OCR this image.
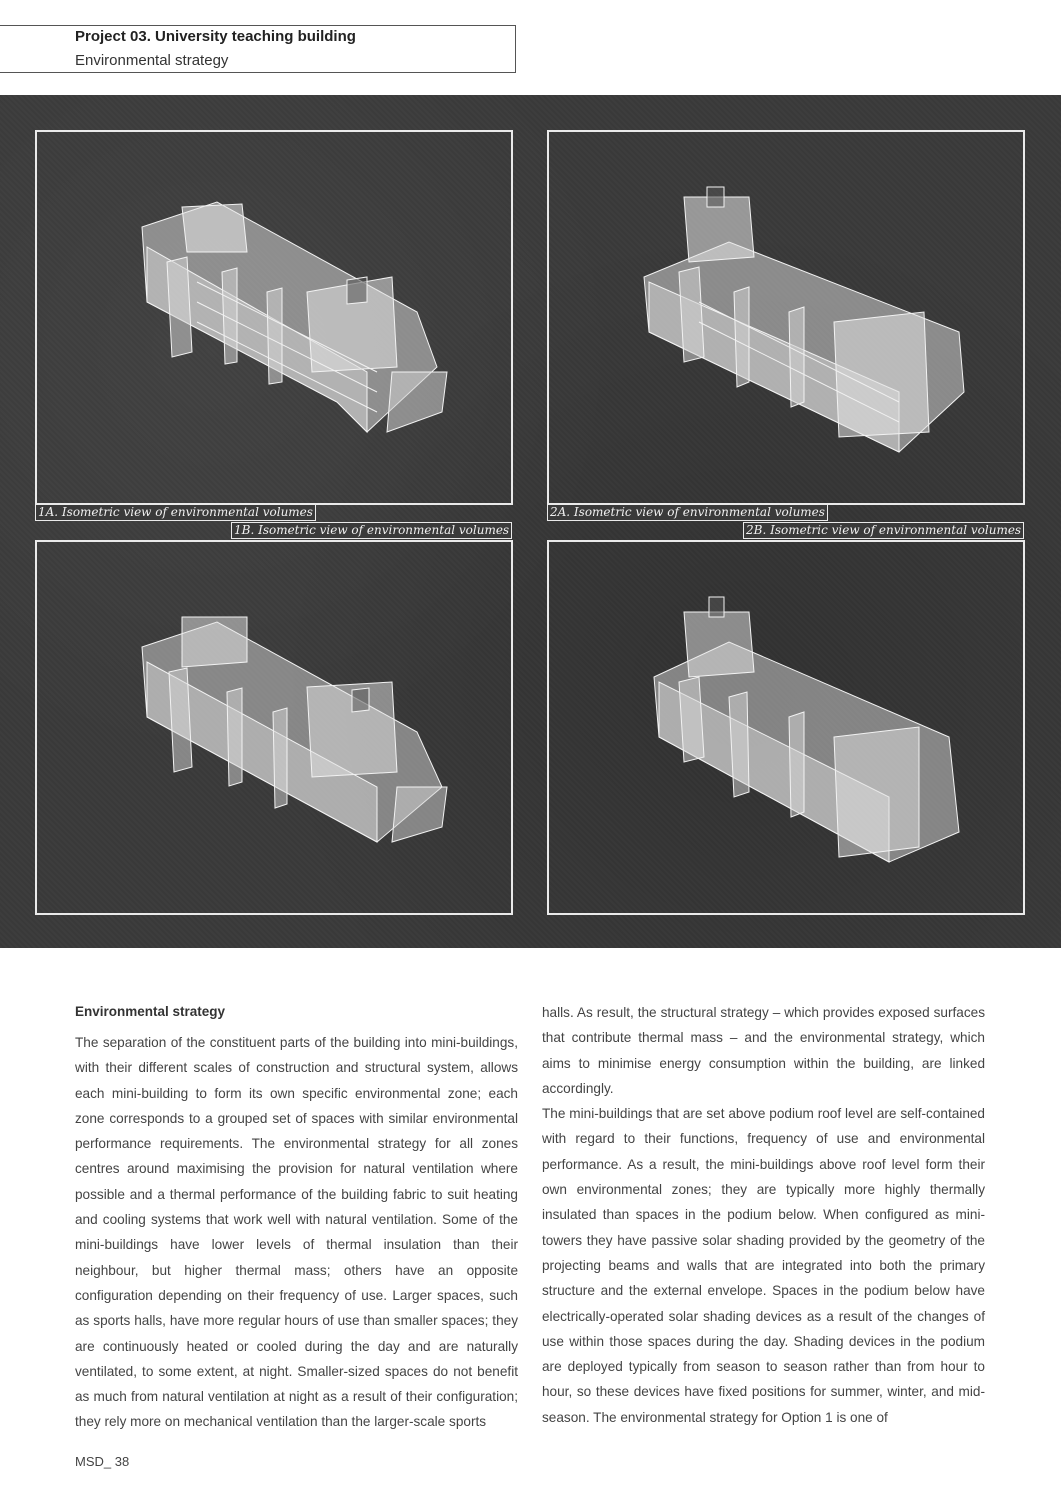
Project 03. University teaching building
Environmental strategy
1A. Isometric view of environmental volumes
1B. Isometric view of environmental volumes
2A. Isometric view of environmental volumes
2B. Isometric view of environmental volumes
Environmental strategy

The separation of the constituent parts of the building into mini-buildings, with their different scales of construction and structural system, allows each mini-building to form its own specific environmental zone; each zone corresponds to a grouped set of spaces with similar environmental performance requirements. The environmental strategy for all zones centres around maximising the provision for natural ventilation where possible and a thermal performance of the building fabric to suit heating and cooling systems that work well with natural ventilation. Some of the mini-buildings have lower levels of thermal insulation than their neighbour, but higher thermal mass; others have an opposite configuration depending on their frequency of use. Larger spaces, such as sports halls, have more regular hours of use than smaller spaces; they are continuously heated or cooled during the day and are naturally ventilated, to some extent, at night. Smaller-sized spaces do not benefit as much from natural ventilation at night as a result of their configuration; they rely more on mechanical ventilation than the larger-scale sports

halls. As result, the structural strategy – which provides exposed surfaces that contribute thermal mass – and the environmental strategy, which aims to minimise energy consumption within the building, are linked accordingly.

The mini-buildings that are set above podium roof level are self-contained with regard to their functions, frequency of use and environmental performance. As a result, the mini-buildings above roof level form their own environmental zones; they are typically more highly thermally insulated than spaces in the podium below. When configured as mini-towers they have passive solar shading provided by the geometry of the projecting beams and walls that are integrated into both the primary structure and the external envelope. Spaces in the podium below have electrically-operated solar shading devices as a result of the changes of use within those spaces during the day. Shading devices in the podium are deployed typically from season to season rather than from hour to hour, so these devices have fixed positions for summer, winter, and mid-season. The environmental strategy for Option 1 is one of

MSD_ 38
